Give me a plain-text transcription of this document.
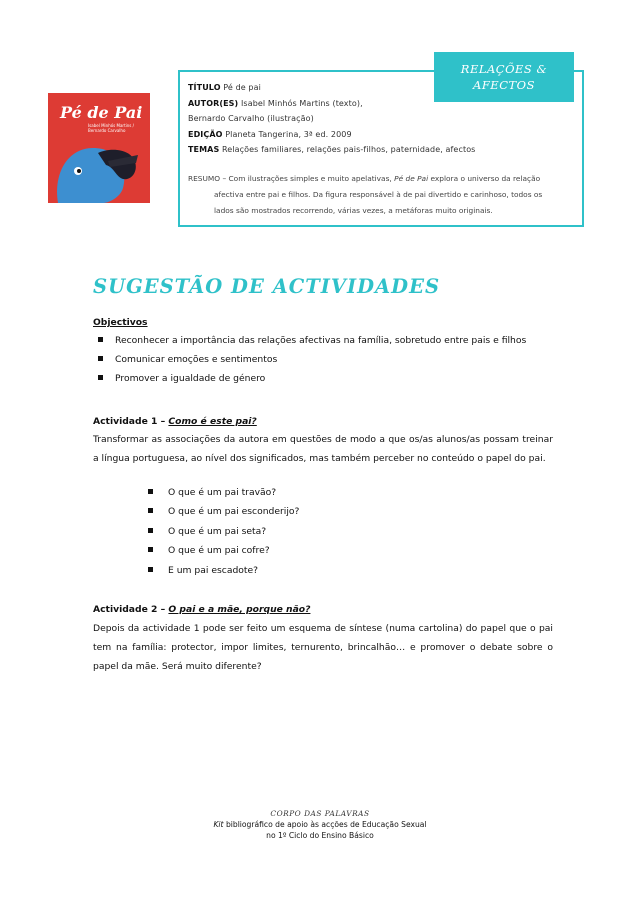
Pé de Pai
Isabel Minhós Martins / Bernardo Carvalho
RELAÇÕES &
AFECTOS
TÍTULO Pé de pai
AUTOR(ES) Isabel Minhós Martins (texto),
Bernardo Carvalho (ilustração)
EDIÇÃO Planeta Tangerina, 3ª ed. 2009
TEMAS Relações familiares, relações pais-filhos, paternidade, afectos
RESUMO – Com ilustrações simples e muito apelativas, Pé de Pai explora o universo da relação
afectiva entre pai e filhos. Da figura responsável à de pai divertido e carinhoso, todos os
lados são mostrados recorrendo, várias vezes, a metáforas muito originais.
SUGESTÃO DE ACTIVIDADES
Objectivos
Reconhecer a importância das relações afectivas na família, sobretudo entre pais e filhos
Comunicar emoções e sentimentos
Promover a igualdade de género
Actividade 1 – Como é este pai?
Transformar as associações da autora em questões de modo a que os/as alunos/as possam treinar a língua portuguesa, ao nível dos significados, mas também perceber no conteúdo o papel do pai.
O que é um pai travão?
O que é um pai esconderijo?
O que é um pai seta?
O que é um pai cofre?
E um pai escadote?
Actividade 2 – O pai e a mãe, porque não?
Depois da actividade 1 pode ser feito um esquema de síntese (numa cartolina) do papel que o pai tem na família: protector, impor limites, ternurento, brincalhão… e promover o debate sobre o papel da mãe. Será muito diferente?
CORPO DAS PALAVRAS
Kit bibliográfico de apoio às acções de Educação Sexual
no 1º Ciclo do Ensino Básico
